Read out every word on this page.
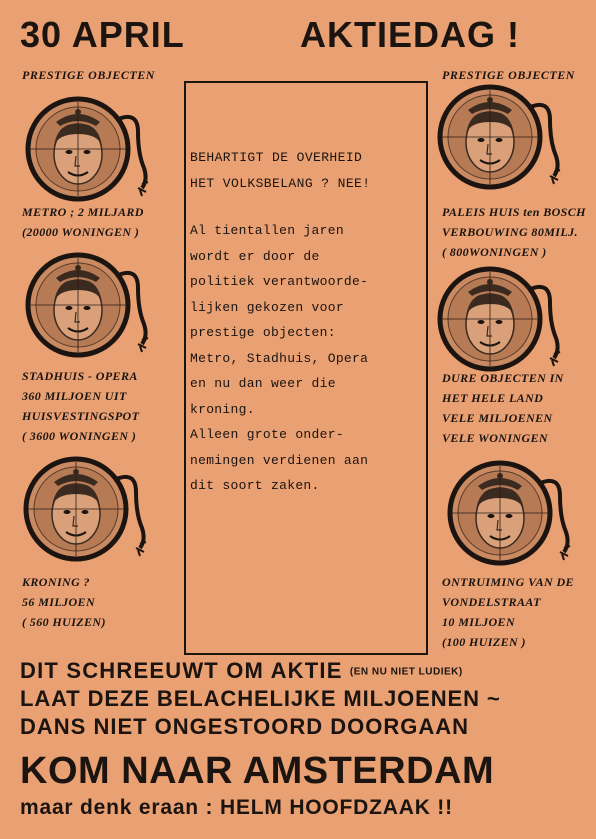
30 APRIL	AKTIEDAG !

PRESTIGE OBJECTEN	PRESTIGE OBJECTEN

METRO ; 2 MILJARD
(20000 WONINGEN )
STADHUIS - OPERA
360 MILJOEN UIT
HUISVESTINGSPOT
( 3600 WONINGEN )
KRONING ?
56 MILJOEN
( 560 HUIZEN)
PALEIS HUIS ten BOSCH
VERBOUWING 80MILJ.
( 800WONINGEN )
DURE OBJECTEN IN
HET HELE LAND
VELE MILJOENEN
VELE WONINGEN
ONTRUIMING VAN DE
VONDELSTRAAT
10 MILJOEN
(100 HUIZEN )
BEHARTIGT DE OVERHEID
HET VOLKSBELANG ? NEE!
Al tientallen jaren
wordt er door de
politiek verantwoorde-
lijken gekozen voor
prestige objecten:
Metro, Stadhuis, Opera
en nu dan weer die
kroning.
Alleen grote onder-
nemingen verdienen aan
dit soort zaken.
DIT SCHREEUWT OM AKTIE (EN NU NIET LUDIEK)
LAAT DEZE BELACHELIJKE MILJOENEN ~
DANS NIET ONGESTOORD DOORGAAN
KOM NAAR AMSTERDAM
maar denk eraan : HELM HOOFDZAAK !!
